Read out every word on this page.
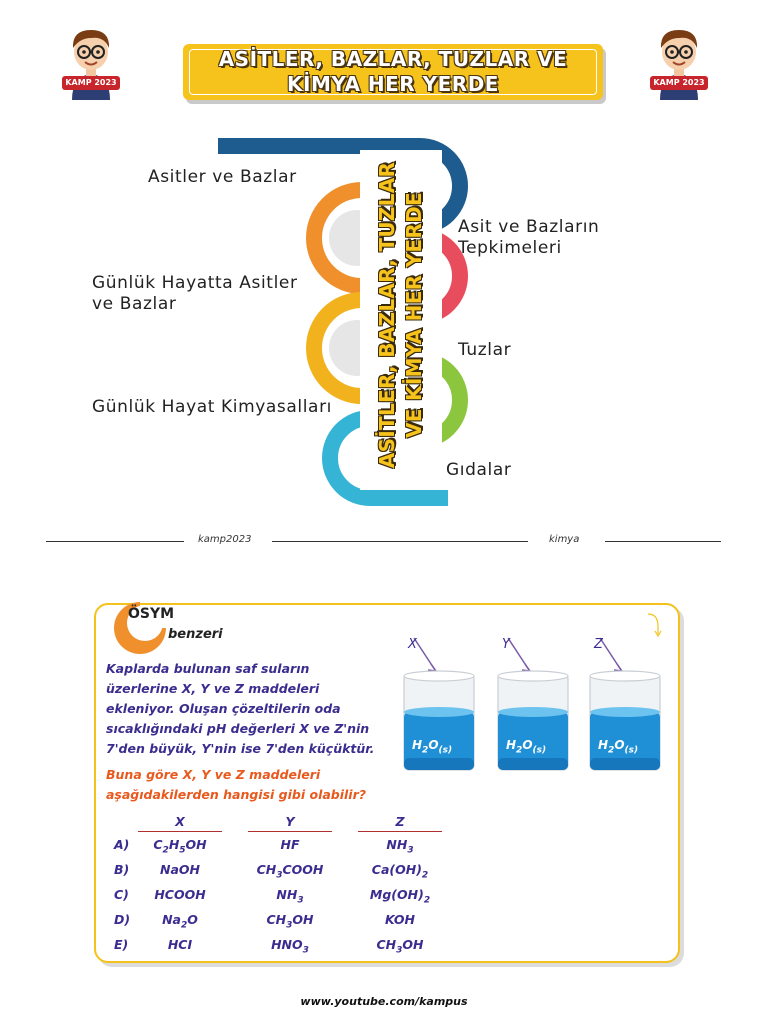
KAMP 2023	KAMP 2023
ASİTLER, BAZLAR, TUZLAR VE
KİMYA HER YERDE
ASİTLER, BAZLAR, TUZLAR VE KİMYA HER YERDE
Asitler ve Bazlar
Günlük Hayatta Asitler
ve Bazlar
Günlük Hayat Kimyasalları
Asit ve Bazların
Tepkimeleri
Tuzlar
Gıdalar
kamp2023	kimya
ÖSYM
benzeri
Kaplarda bulunan saf suların
üzerlerine X, Y ve Z maddeleri
ekleniyor. Oluşan çözeltilerin oda
sıcaklığındaki pH değerleri X ve Z'nin
7'den büyük, Y'nin ise 7'den küçüktür.
Buna göre X, Y ve Z maddeleri
aşağıdakilerden hangisi gibi olabilir?
X
$H_2O_{(s)}$
Y
$H_2O_{(s)}$
Z
$H_2O_{(s)}$
X	Y	Z
A)	$C_2H_5OH$	HF	$NH_3$
B)	NaOH	$CH_3COOH$	$Ca(OH)_2$
C)	HCOOH	$NH_3$	$Mg(OH)_2$
D)	$Na_2O$	$CH_3OH$	KOH
E)	HCI	$HNO_3$	$CH_3OH$
www.youtube.com/kampus
